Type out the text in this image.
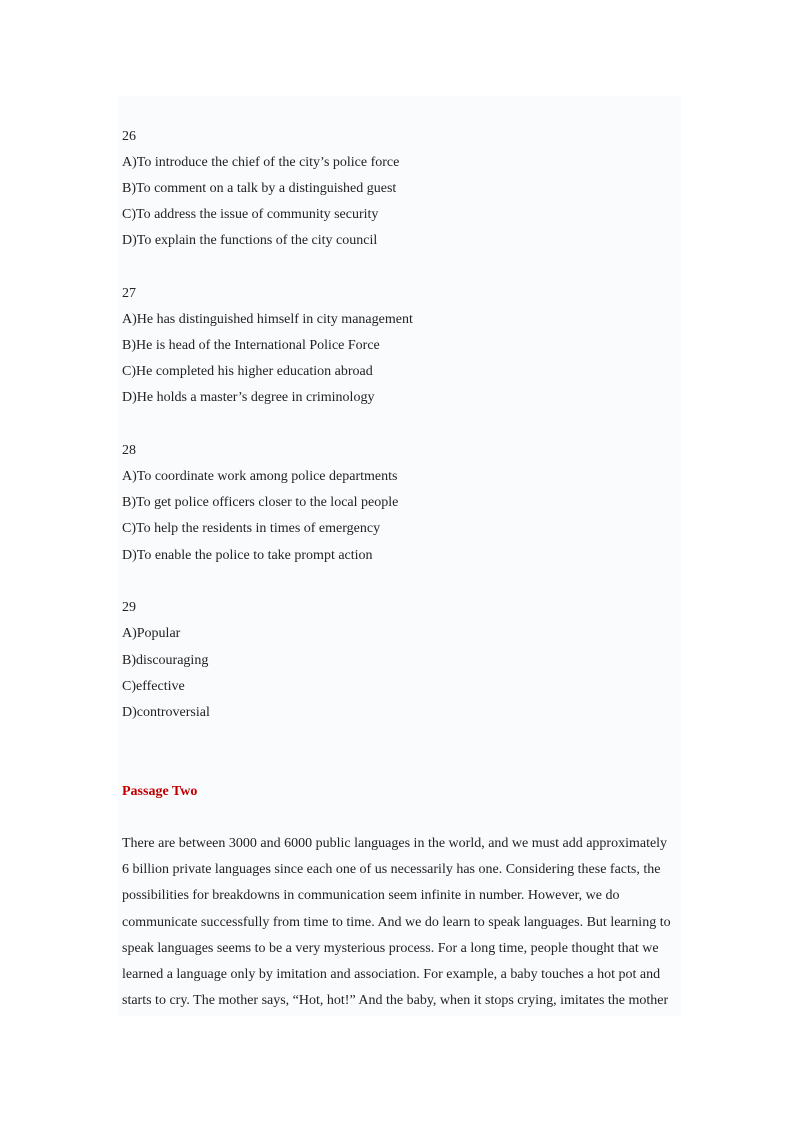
26
A)To introduce the chief of the city’s police force
B)To comment on a talk by a distinguished guest
C)To address the issue of community security
D)To explain the functions of the city council
27
A)He has distinguished himself in city management
B)He is head of the International Police Force
C)He completed his higher education abroad
D)He holds a master’s degree in criminology
28
A)To coordinate work among police departments
B)To get police officers closer to the local people
C)To help the residents in times of emergency
D)To enable the police to take prompt action
29
A)Popular
B)discouraging
C)effective
D)controversial
Passage Two
There are between 3000 and 6000 public languages in the world, and we must add approximately
6 billion private languages since each one of us necessarily has one. Considering these facts, the
possibilities for breakdowns in communication seem infinite in number. However, we do
communicate successfully from time to time. And we do learn to speak languages. But learning to
speak languages seems to be a very mysterious process. For a long time, people thought that we
learned a language only by imitation and association. For example, a baby touches a hot pot and
starts to cry. The mother says, “Hot, hot!” And the baby, when it stops crying, imitates the mother
